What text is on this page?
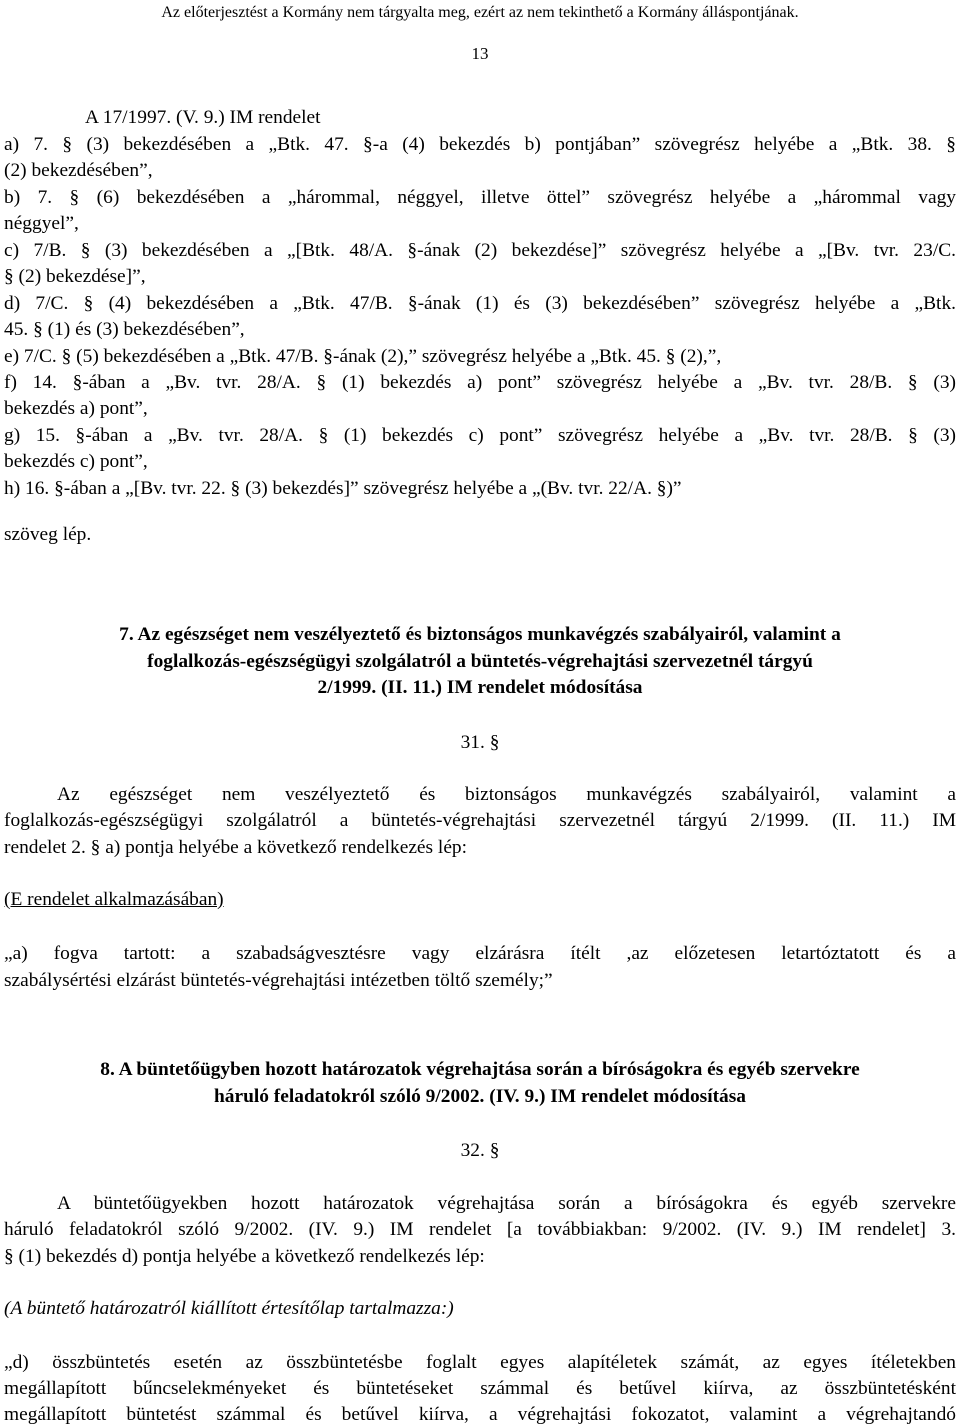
Az előterjesztést a Kormány nem tárgyalta meg, ezért az nem tekinthető a Kormány álláspontjának.
13
A 17/1997. (V. 9.) IM rendelet
a) 7. § (3) bekezdésében a „Btk. 47. §-a (4) bekezdés b) pontjában” szövegrész helyébe a „Btk. 38. §
(2) bekezdésében”,
b) 7. § (6) bekezdésében a „hárommal, néggyel, illetve öttel” szövegrész helyébe a „hárommal vagy
néggyel”,
c) 7/B. § (3) bekezdésében a „[Btk. 48/A. §-ának (2) bekezdése]” szövegrész helyébe a „[Bv. tvr. 23/C.
§ (2) bekezdése]”,
d) 7/C. § (4) bekezdésében a „Btk. 47/B. §-ának (1) és (3) bekezdésében” szövegrész helyébe a „Btk.
45. § (1) és (3) bekezdésében”,
e) 7/C. § (5) bekezdésében a „Btk. 47/B. §-ának (2),” szövegrész helyébe a „Btk. 45. § (2),”,
f) 14. §-ában a „Bv. tvr. 28/A. § (1) bekezdés a) pont” szövegrész helyébe a „Bv. tvr. 28/B. § (3)
bekezdés a) pont”,
g) 15. §-ában a „Bv. tvr. 28/A. § (1) bekezdés c) pont” szövegrész helyébe a „Bv. tvr. 28/B. § (3)
bekezdés c) pont”,
h) 16. §-ában a „[Bv. tvr. 22. § (3) bekezdés]” szövegrész helyébe a „(Bv. tvr. 22/A. §)”
szöveg lép.
7. Az egészséget nem veszélyeztető és biztonságos munkavégzés szabályairól, valamint a
foglalkozás-egészségügyi szolgálatról a büntetés-végrehajtási szervezetnél tárgyú
2/1999. (II. 11.) IM rendelet módosítása
31. §
Az egészséget nem veszélyeztető és biztonságos munkavégzés szabályairól, valamint a
foglalkozás-egészségügyi szolgálatról a büntetés-végrehajtási szervezetnél tárgyú 2/1999. (II. 11.) IM
rendelet 2. § a) pontja helyébe a következő rendelkezés lép:
(E rendelet alkalmazásában)
„a) fogva tartott: a szabadságvesztésre vagy elzárásra ítélt ,az előzetesen letartóztatott és a
szabálysértési elzárást büntetés-végrehajtási intézetben töltő személy;”
8. A büntetőügyben hozott határozatok végrehajtása során a bíróságokra és egyéb szervekre
háruló feladatokról szóló 9/2002. (IV. 9.) IM rendelet módosítása
32. §
A büntetőügyekben hozott határozatok végrehajtása során a bíróságokra és egyéb szervekre
háruló feladatokról szóló 9/2002. (IV. 9.) IM rendelet [a továbbiakban: 9/2002. (IV. 9.) IM rendelet] 3.
§ (1) bekezdés d) pontja helyébe a következő rendelkezés lép:
(A büntető határozatról kiállított értesítőlap tartalmazza:)
„d) összbüntetés esetén az összbüntetésbe foglalt egyes alapítéletek számát, az egyes ítéletekben
megállapított bűncselekményeket és büntetéseket számmal és betűvel kiírva, az összbüntetésként
megállapított büntetést számmal és betűvel kiírva, a végrehajtási fokozatot, valamint a végrehajtandó
